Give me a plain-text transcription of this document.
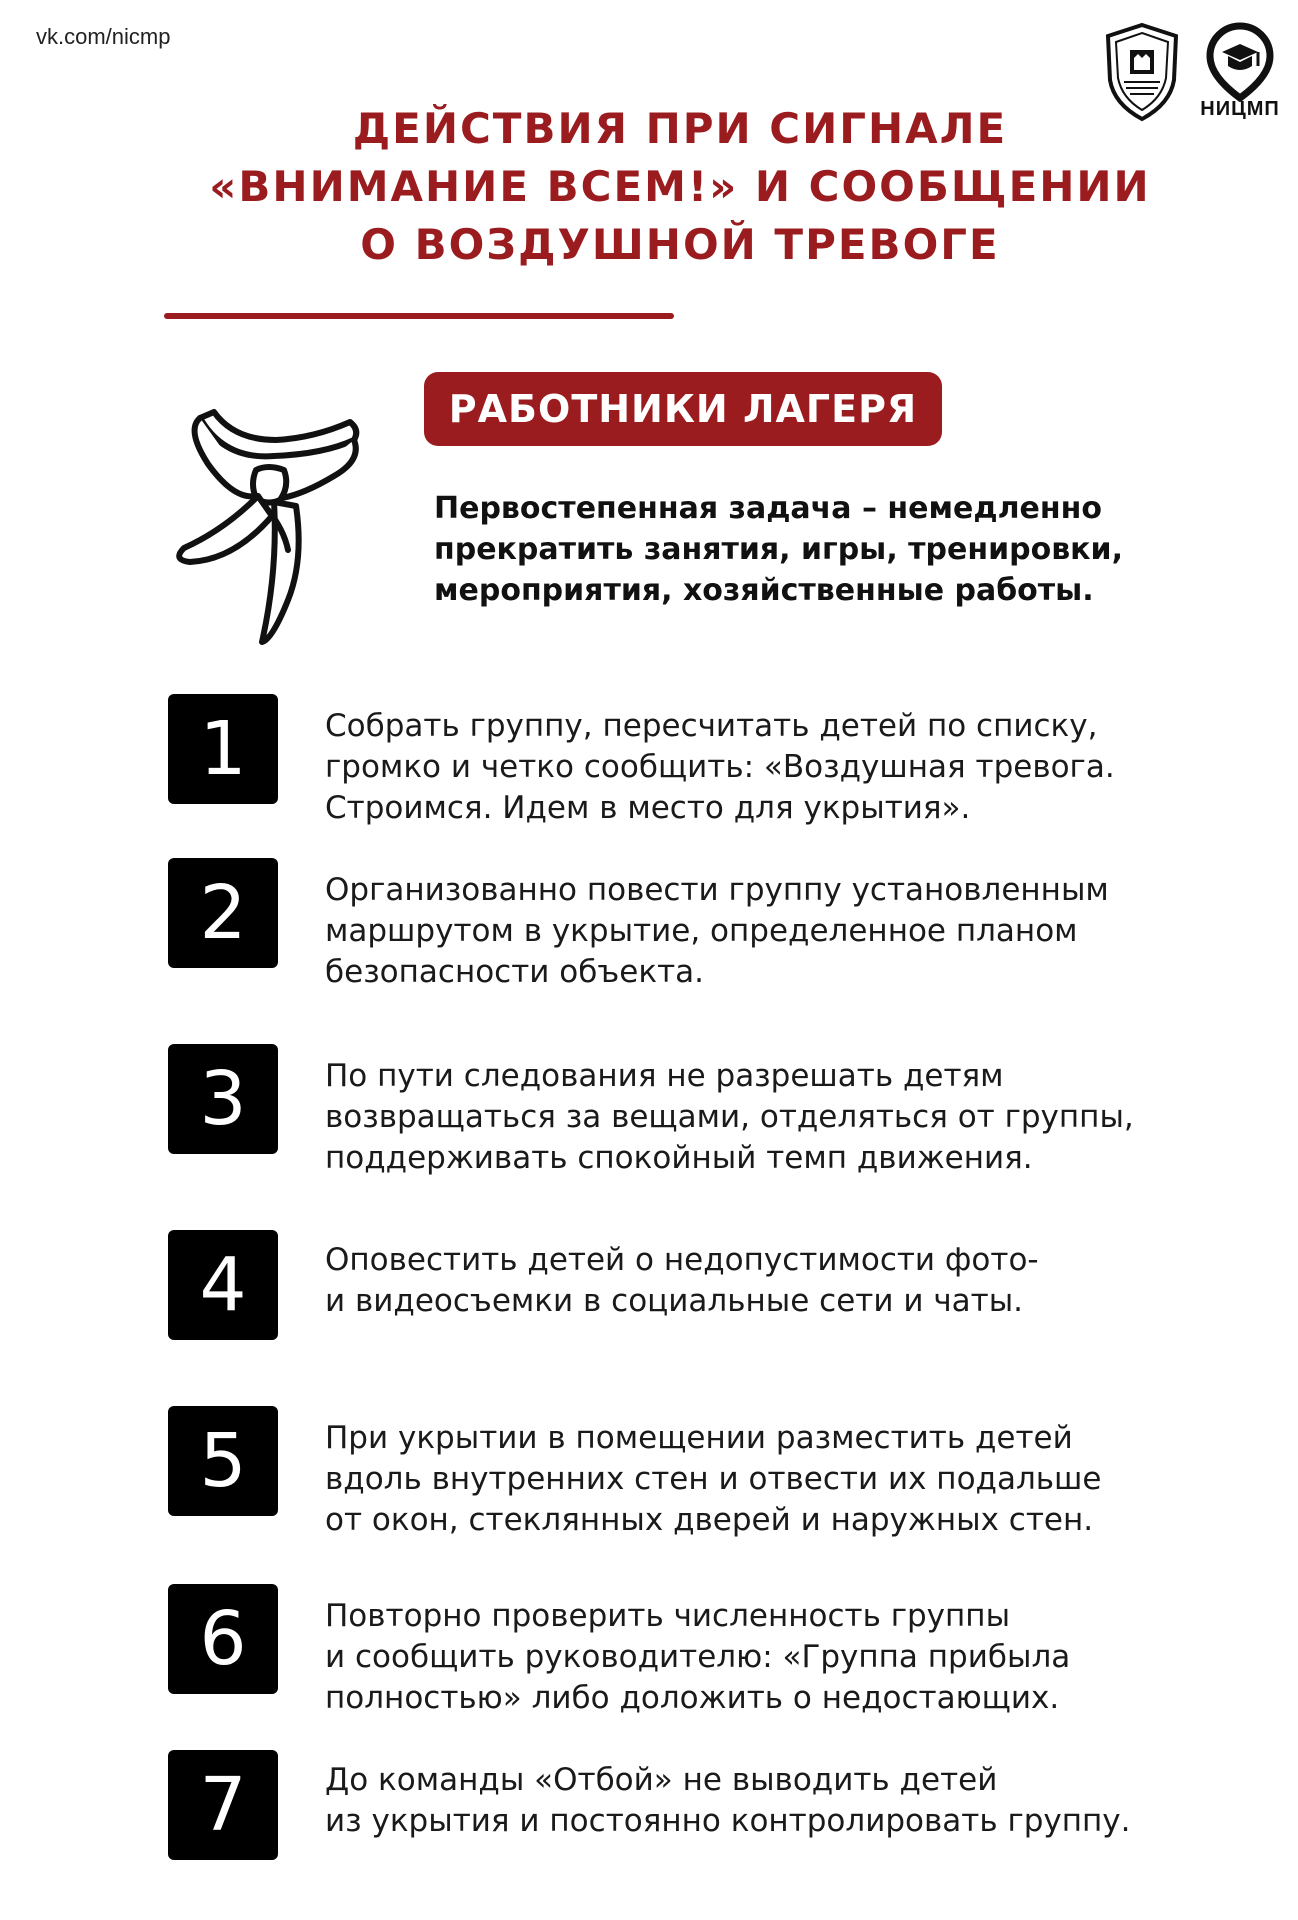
vk.com/nicmp
НИЦМП
ДЕЙСТВИЯ ПРИ СИГНАЛЕ
«ВНИМАНИЕ ВСЕМ!» И СООБЩЕНИИ
О ВОЗДУШНОЙ ТРЕВОГЕ
РАБОТНИКИ ЛАГЕРЯ
Первостепенная задача – немедленно
прекратить занятия, игры, тренировки,
мероприятия, хозяйственные работы.
1	Собрать группу, пересчитать детей по списку,
громко и четко сообщить: «Воздушная тревога.
Строимся. Идем в место для укрытия».
2	Организованно повести группу установленным
маршрутом в укрытие, определенное планом
безопасности объекта.
3	По пути следования не разрешать детям
возвращаться за вещами, отделяться от группы,
поддерживать спокойный темп движения.
4	Оповестить детей о недопустимости фото-
и видеосъемки в социальные сети и чаты.
5	При укрытии в помещении разместить детей
вдоль внутренних стен и отвести их подальше
от окон, стеклянных дверей и наружных стен.
6	Повторно проверить численность группы
и сообщить руководителю: «Группа прибыла
полностью» либо доложить о недостающих.
7	До команды «Отбой» не выводить детей
из укрытия и постоянно контролировать группу.
